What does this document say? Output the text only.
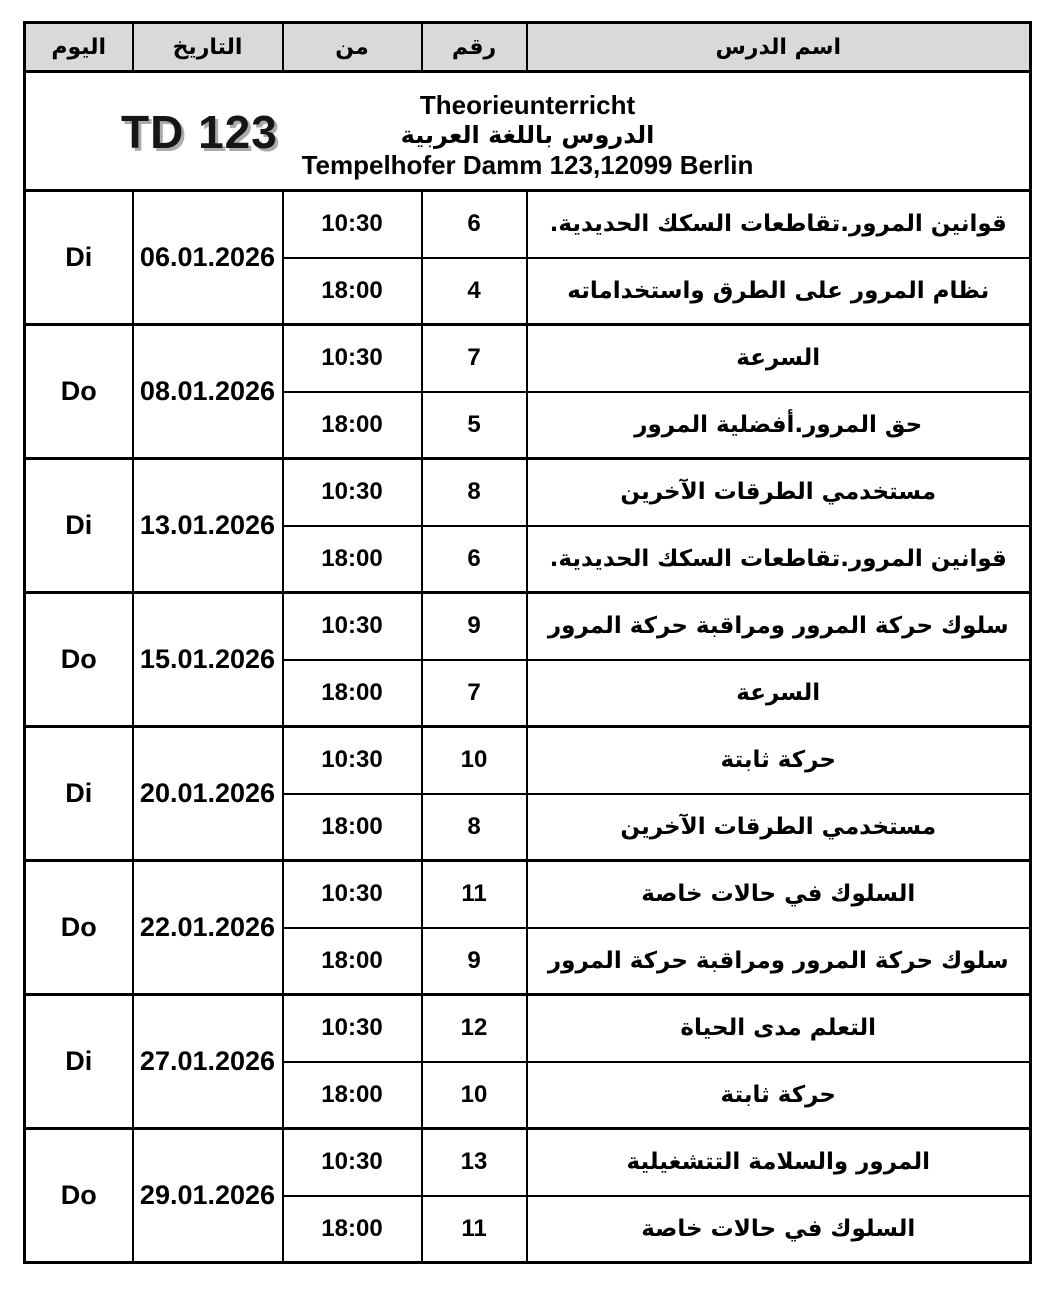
TD 123
Theorieunterricht
الدروس باللغة العربية
Tempelhofer Damm 123,12099 Berlin				

اليوم	التاريخ	من	رقم	اسم الدرس
Di	06.01.2026	10:30	6	قوانين المرور.تقاطعات السكك الحديدية.
		18:00	4	نظام المرور على الطرق واستخداماته
Do	08.01.2026	10:30	7	السرعة
		18:00	5	حق المرور.أفضلية المرور
Di	13.01.2026	10:30	8	مستخدمي الطرقات الآخرين
		18:00	6	قوانين المرور.تقاطعات السكك الحديدية.
Do	15.01.2026	10:30	9	سلوك حركة المرور ومراقبة حركة المرور
		18:00	7	السرعة
Di	20.01.2026	10:30	10	حركة ثابتة
		18:00	8	مستخدمي الطرقات الآخرين
Do	22.01.2026	10:30	11	السلوك في حالات خاصة
		18:00	9	سلوك حركة المرور ومراقبة حركة المرور
Di	27.01.2026	10:30	12	التعلم مدى الحياة
		18:00	10	حركة ثابتة
Do	29.01.2026	10:30	13	المرور والسلامة التتشغيلية
		18:00	11	السلوك في حالات خاصة
